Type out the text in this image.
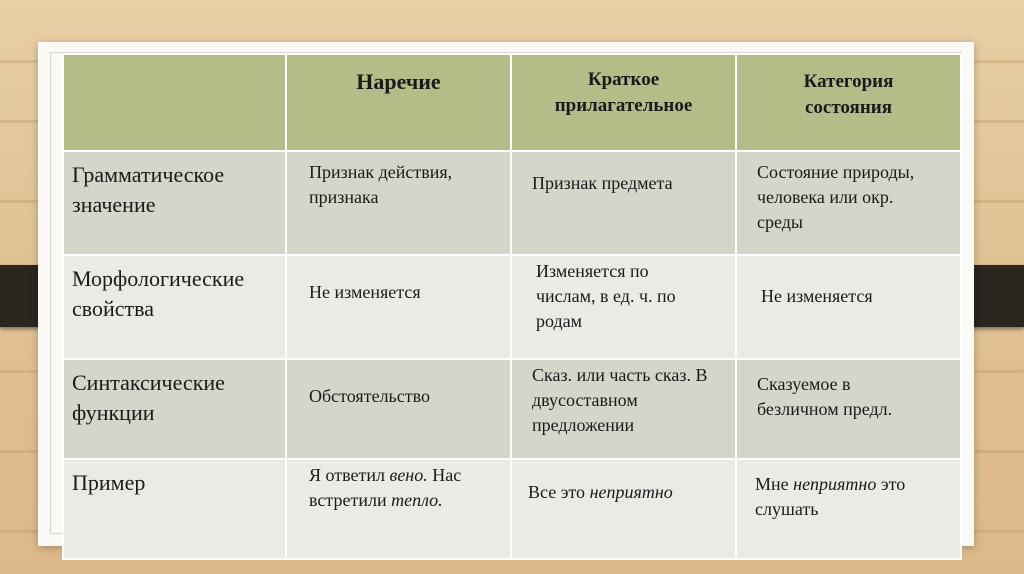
	Наречие	Краткое прилагательное	Категория состояния

Грамматическое значение	Признак действия, признака	Признак предмета	Состояние природы, человека или окр. среды

Морфологические свойства	Не изменяется	Изменяется по числам, в ед. ч. по родам	Не изменяется

Синтаксические функции	Обстоятельство	Сказ. или часть сказ. В двусоставном предложении	Сказуемое в безличном предл.

Пример	Я ответил вено. Нас встретили тепло.	Все это неприятно	Мне неприятно это слушать
